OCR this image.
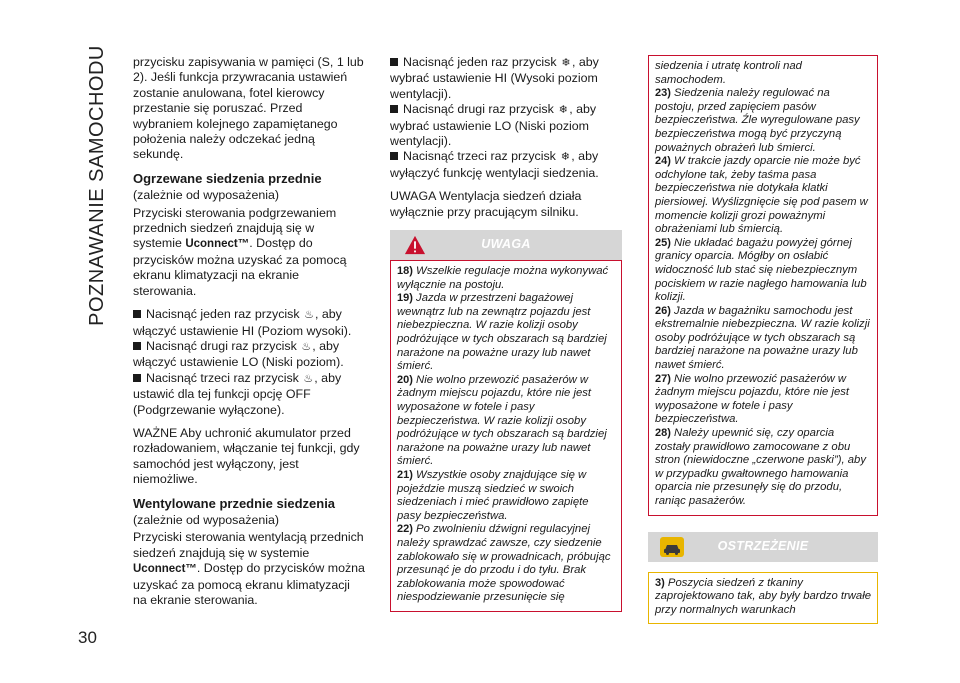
POZNAWANIE SAMOCHODU
30

przycisku zapisywania w pamięci (S, 1 lub 2). Jeśli funkcja przywracania ustawień zostanie anulowana, fotel kierowcy przestanie się poruszać. Przed wybraniem kolejnego zapamiętanego położenia należy odczekać jedną sekundę.

Ogrzewane siedzenia przednie
(zależnie od wyposażenia)

Przyciski sterowania podgrzewaniem przednich siedzeń znajdują się w systemie Uconnect™. Dostęp do przycisków można uzyskać za pomocą ekranu klimatyzacji na ekranie sterowania.

Nacisnąć jeden raz przycisk ♨, aby włączyć ustawienie HI (Poziom wysoki).
Nacisnąć drugi raz przycisk ♨, aby włączyć ustawienie LO (Niski poziom).
Nacisnąć trzeci raz przycisk ♨, aby ustawić dla tej funkcji opcję OFF (Podgrzewanie wyłączone).

WAŻNE Aby uchronić akumulator przed rozładowaniem, włączanie tej funkcji, gdy samochód jest wyłączony, jest niemożliwe.

Wentylowane przednie siedzenia
(zależnie od wyposażenia)

Przyciski sterowania wentylacją przednich siedzeń znajdują się w systemie Uconnect™. Dostęp do przycisków można uzyskać za pomocą ekranu klimatyzacji na ekranie sterowania.

Nacisnąć jeden raz przycisk ❄, aby wybrać ustawienie HI (Wysoki poziom wentylacji).
Nacisnąć drugi raz przycisk ❄, aby wybrać ustawienie LO (Niski poziom wentylacji).
Nacisnąć trzeci raz przycisk ❄, aby wyłączyć funkcję wentylacji siedzenia.

UWAGA Wentylacja siedzeń działa wyłącznie przy pracującym silniku.

UWAGA
18) Wszelkie regulacje można wykonywać wyłącznie na postoju.
19) Jazda w przestrzeni bagażowej wewnątrz lub na zewnątrz pojazdu jest niebezpieczna. W razie kolizji osoby podróżujące w tych obszarach są bardziej narażone na poważne urazy lub nawet śmierć.
20) Nie wolno przewozić pasażerów w żadnym miejscu pojazdu, które nie jest wyposażone w fotele i pasy bezpieczeństwa. W razie kolizji osoby podróżujące w tych obszarach są bardziej narażone na poważne urazy lub nawet śmierć.
21) Wszystkie osoby znajdujące się w pojeździe muszą siedzieć w swoich siedzeniach i mieć prawidłowo zapięte pasy bezpieczeństwa.
22) Po zwolnieniu dźwigni regulacyjnej należy sprawdzać zawsze, czy siedzenie zablokowało się w prowadnicach, próbując przesunąć je do przodu i do tyłu. Brak zablokowania może spowodować niespodziewanie przesunięcie się
siedzenia i utratę kontroli nad samochodem.
23) Siedzenia należy regulować na postoju, przed zapięciem pasów bezpieczeństwa. Źle wyregulowane pasy bezpieczeństwa mogą być przyczyną poważnych obrażeń lub śmierci.
24) W trakcie jazdy oparcie nie może być odchylone tak, żeby taśma pasa bezpieczeństwa nie dotykała klatki piersiowej. Wyślizgnięcie się pod pasem w momencie kolizji grozi poważnymi obrażeniami lub śmiercią.
25) Nie układać bagażu powyżej górnej granicy oparcia. Mógłby on osłabić widoczność lub stać się niebezpiecznym pociskiem w razie nagłego hamowania lub kolizji.
26) Jazda w bagażniku samochodu jest ekstremalnie niebezpieczna. W razie kolizji osoby podróżujące w tych obszarach są bardziej narażone na poważne urazy lub nawet śmierć.
27) Nie wolno przewozić pasażerów w żadnym miejscu pojazdu, które nie jest wyposażone w fotele i pasy bezpieczeństwa.
28) Należy upewnić się, czy oparcia zostały prawidłowo zamocowane z obu stron (niewidoczne „czerwone paski”), aby w przypadku gwałtownego hamowania oparcia nie przesunęły się do przodu, raniąc pasażerów.
OSTRZEŻENIE
3) Poszycia siedzeń z tkaniny zaprojektowano tak, aby były bardzo trwałe przy normalnych warunkach
